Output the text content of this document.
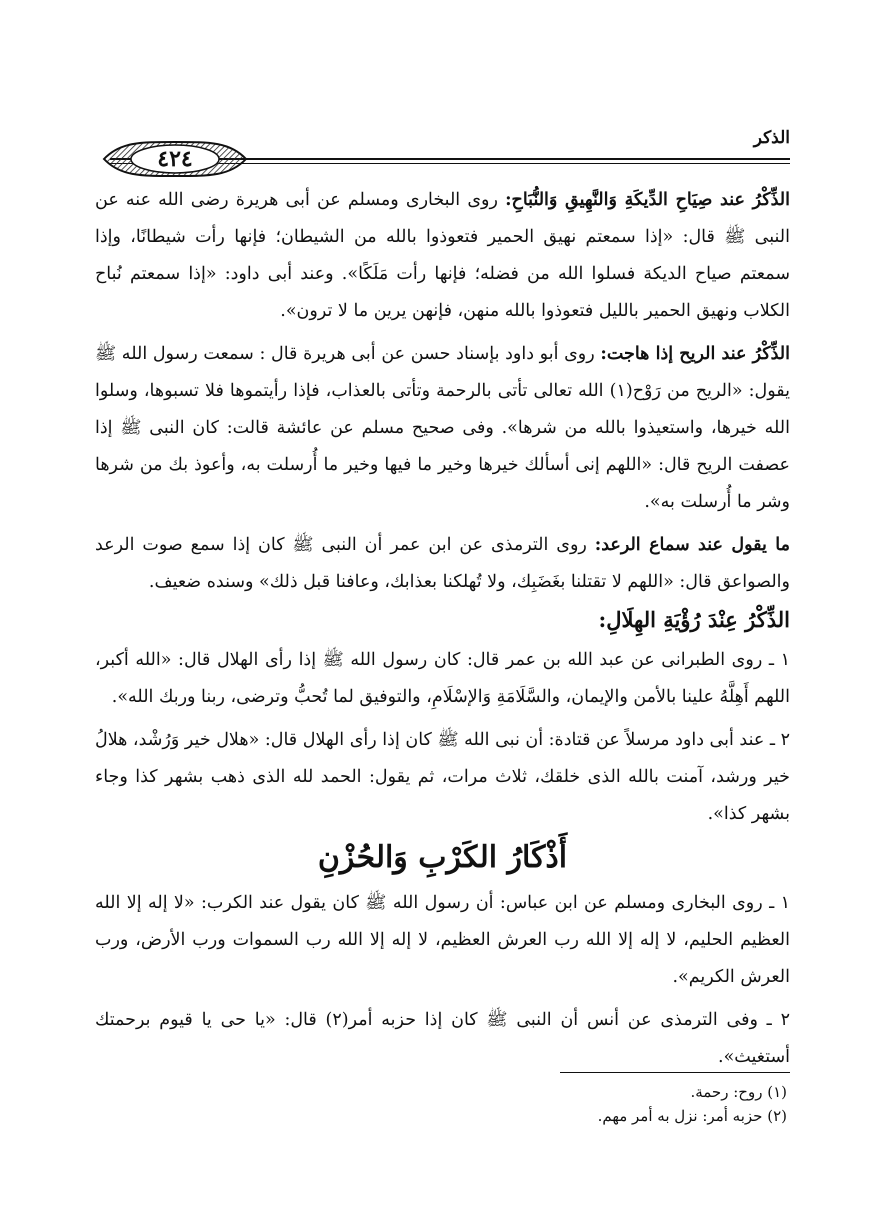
الذكر
٤٢٤

الذِّكْرُ عند صِيَاحِ الدِّيكَةِ وَالنَّهِيقِ وَالنُّبَاحِ: روى البخارى ومسلم عن أبى هريرة رضى الله عنه عن النبى ﷺ قال: «إذا سمعتم نهيق الحمير فتعوذوا بالله من الشيطان؛ فإنها رأت شيطانًا، وإذا سمعتم صياح الديكة فسلوا الله من فضله؛ فإنها رأت مَلَكًا». وعند أبى داود: «إذا سمعتم نُباح الكلاب ونهيق الحمير بالليل فتعوذوا بالله منهن، فإنهن يرين ما لا ترون».

الذِّكْرُ عند الريح إذا هاجت: روى أبو داود بإسناد حسن عن أبى هريرة قال : سمعت رسول الله ﷺ يقول: «الريح من رَوْح(١) الله تعالى تأتى بالرحمة وتأتى بالعذاب، فإذا رأيتموها فلا تسبوها، وسلوا الله خيرها، واستعيذوا بالله من شرها». وفى صحيح مسلم عن عائشة قالت: كان النبى ﷺ إذا عصفت الريح قال: «اللهم إنى أسألك خيرها وخير ما فيها وخير ما أُرسلت به، وأعوذ بك من شرها وشر ما أُرسلت به».

ما يقول عند سماع الرعد: روى الترمذى عن ابن عمر أن النبى ﷺ كان إذا سمع صوت الرعد والصواعق قال: «اللهم لا تقتلنا بغَضَبِك، ولا تُهلكنا بعذابك، وعافنا قبل ذلك» وسنده ضعيف.

الذِّكْرُ عِنْدَ رُؤْيَةِ الهِلَالِ:

١ ـ روى الطبرانى عن عبد الله بن عمر قال: كان رسول الله ﷺ إذا رأى الهلال قال: «الله أكبر، اللهم أَهِلَّهُ علينا بالأمن والإيمان، والسَّلَامَةِ وَالإسْلَامِ، والتوفيق لما تُحبُّ وترضى، ربنا وربك الله».

٢ ـ عند أبى داود مرسلاً عن قتادة: أن نبى الله ﷺ كان إذا رأى الهلال قال: «هلال خير وَرُشْد، هلالُ خير ورشد، آمنت بالله الذى خلقك، ثلاث مرات، ثم يقول: الحمد لله الذى ذهب بشهر كذا وجاء بشهر كذا».

أَذْكَارُ الكَرْبِ وَالحُزْنِ

١ ـ روى البخارى ومسلم عن ابن عباس: أن رسول الله ﷺ كان يقول عند الكرب: «لا إله إلا الله العظيم الحليم، لا إله إلا الله رب العرش العظيم، لا إله إلا الله رب السموات ورب الأرض، ورب العرش الكريم».

٢ ـ وفى الترمذى عن أنس أن النبى ﷺ كان إذا حزبه أمر(٢) قال: «يا حى يا قيوم برحمتك أستغيث».

(١) روح: رحمة.
(٢) حزبه أمر: نزل به أمر مهم.
